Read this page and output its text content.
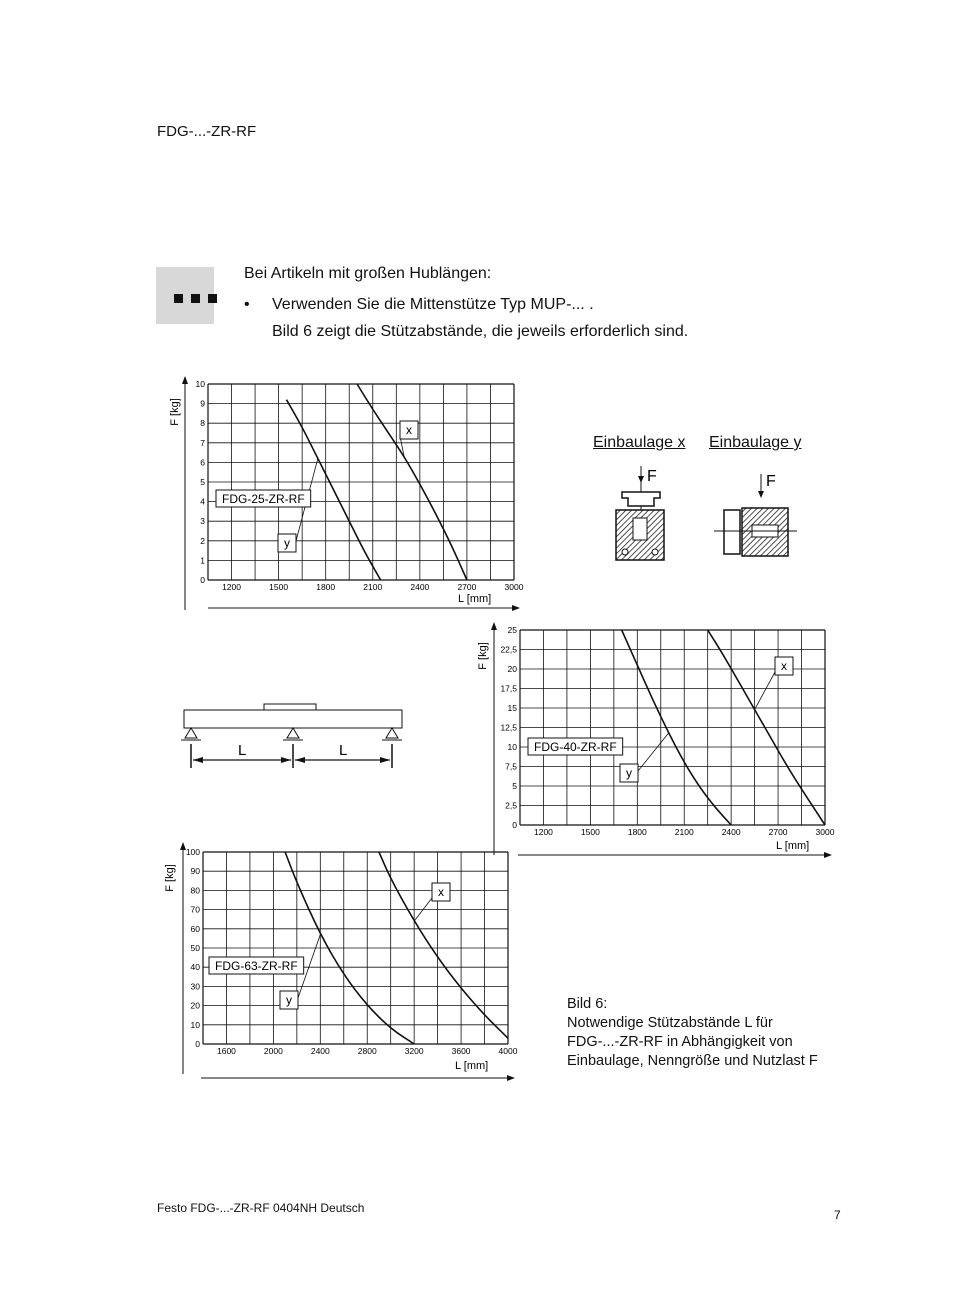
FDG-...-ZR-RF
Bei Artikeln mit großen Hublängen:
• Verwenden Sie die Mittenstütze Typ MUP-... .
Bild 6 zeigt die Stützabstände, die jeweils erforderlich sind.
0
1
2
3
4
5
6
7
8
9
10
1200	1500	1800	2100	2400	2700	3000
F [kg]
L [mm]
x
y
FDG-25-ZR-RF
0
2,5
5
7,5
10
12,5
15
17,5
20
22,5
25
1200	1500	1800	2100	2400	2700	3000
F [kg]
L [mm]
x
y
FDG-40-ZR-RF
0
10
20
30
40
50
60
70
80
90
100
1600	2000	2400	2800	3200	3600	4000
F [kg]
L [mm]
x
y
FDG-63-ZR-RF
Einbaulage x Einbaulage y
F	F
L	L
Bild 6:
Notwendige Stützabstände L für
FDG-...-ZR-RF in Abhängigkeit von
Einbaulage, Nenngröße und Nutzlast F
Festo FDG-...-ZR-RF 0404NH Deutsch	7
